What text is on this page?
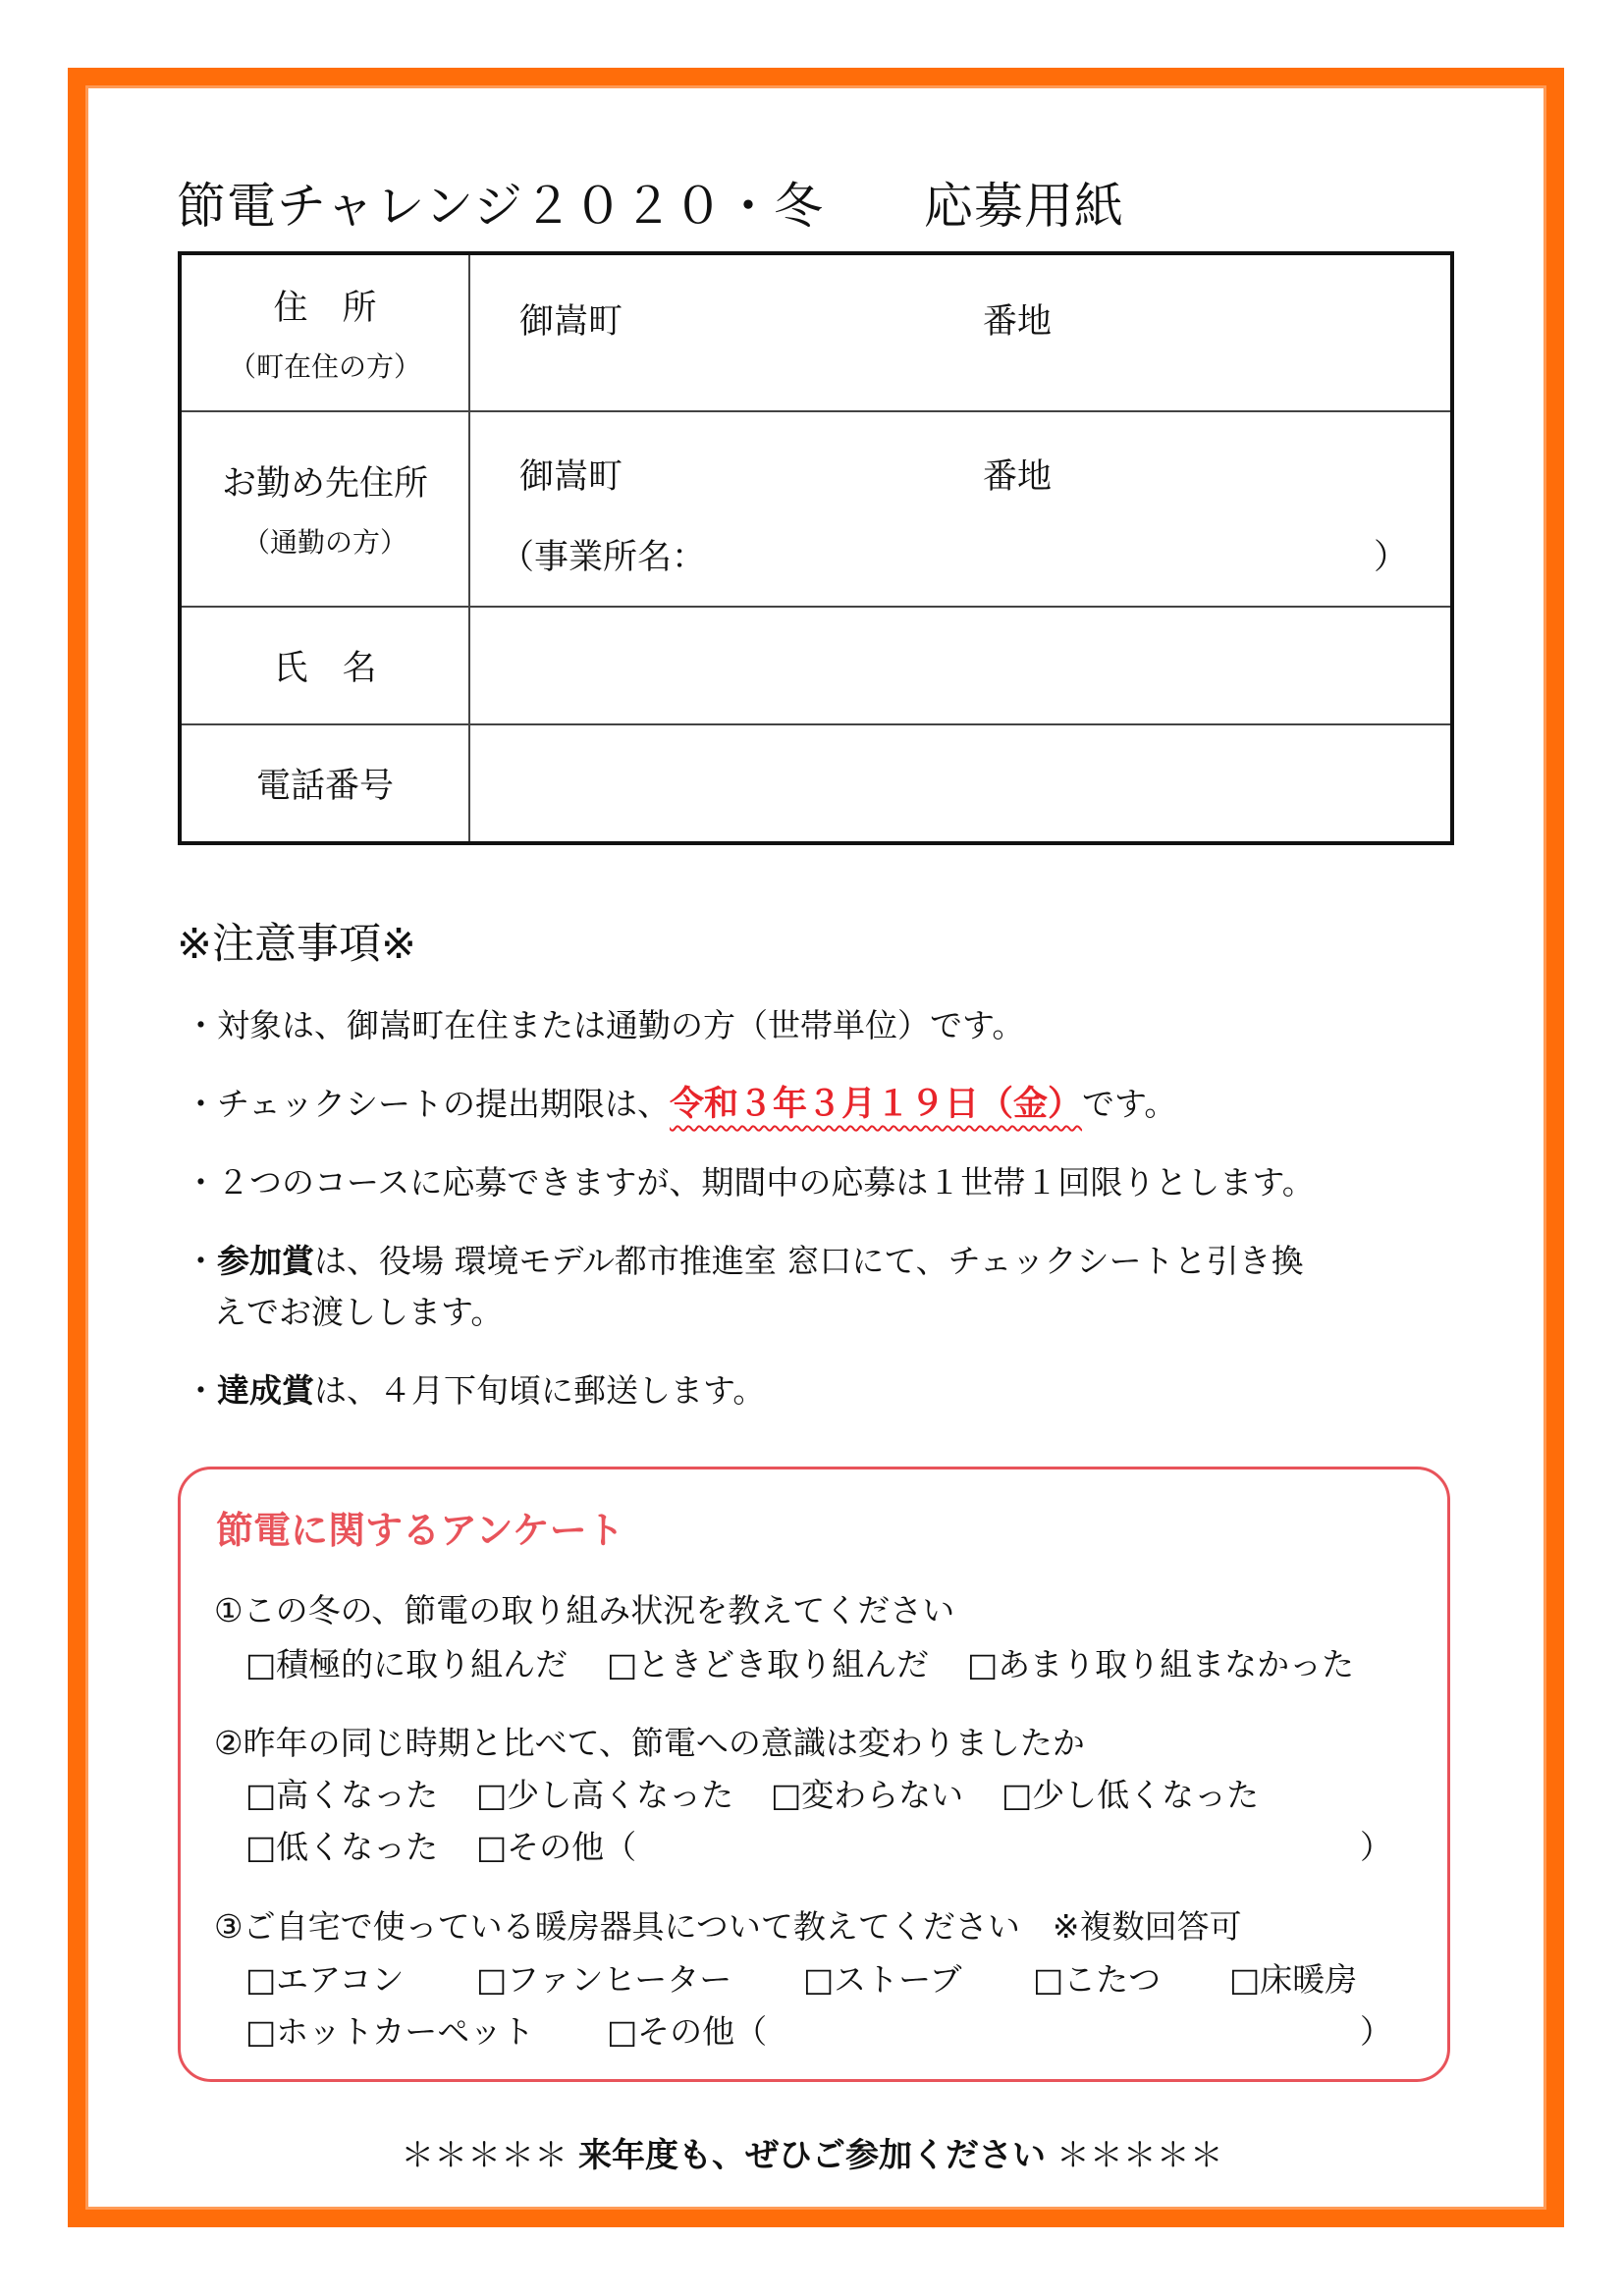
節電チャレンジ２０２０・冬　　応募用紙
住　所
（町在住の方）	御嵩町 番地

お勤め先住所
（通勤の方）	御嵩町 番地
（事業所名： ）

氏　名	

電話番号	

※注意事項※
・対象は、御嵩町在住または通勤の方（世帯単位）です。
・チェックシートの提出期限は、令和３年３月１９日（金）です。
・２つのコースに応募できますが、期間中の応募は１世帯１回限りとします。
・参加賞は、役場 環境モデル都市推進室 窓口にて、チェックシートと引き換
えでお渡しします。
・達成賞は、４月下旬頃に郵送します。
節電に関するアンケート
①この冬の、節電の取り組み状況を教えてください
□積極的に取り組んだ □ときどき取り組んだ □あまり取り組まなかった
②昨年の同じ時期と比べて、節電への意識は変わりましたか
□高くなった □少し高くなった □変わらない □少し低くなった
□低くなった □その他（	）
③ご自宅で使っている暖房器具について教えてください　※複数回答可
□エアコン □ファンヒーター □ストーブ □こたつ □床暖房
□ホットカーペット □その他（	）
＊＊＊＊＊ 来年度も、ぜひご参加ください ＊＊＊＊＊
